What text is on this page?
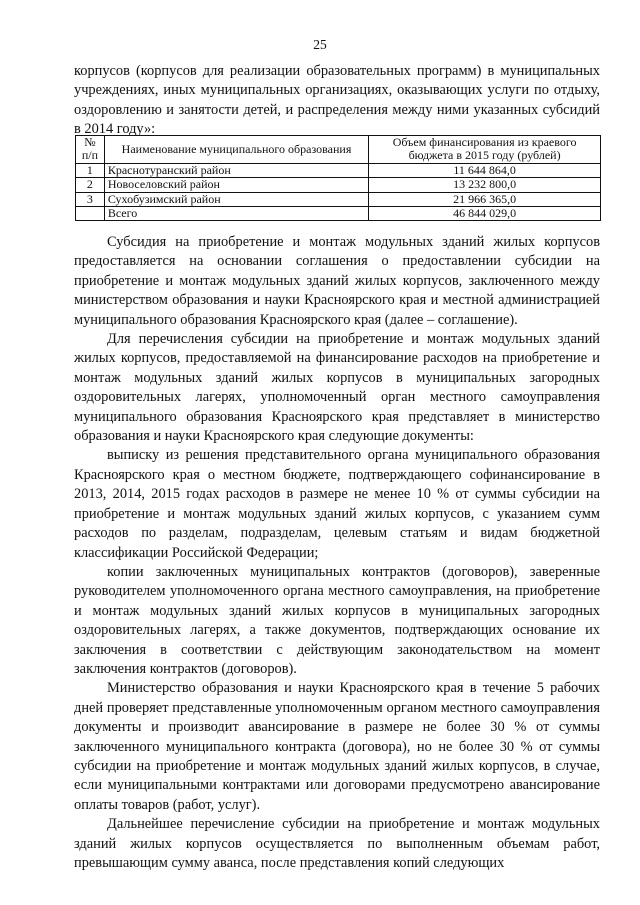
25

корпусов (корпусов для реализации образовательных программ) в муниципальных учреждениях, иных муниципальных организациях, оказывающих услуги по отдыху, оздоровлению и занятости детей, и распределения между ними указанных субсидий в 2014 году»:

№ п/п	Наименование муниципального образования	Объем финансирования из краевого бюджета в 2015 году (рублей)
1	Краснотуранский район	11 644 864,0
2	Новоселовский район	13 232 800,0
3	Сухобузимский район	21 966 365,0
	Всего	46 844 029,0

Субсидия на приобретение и монтаж модульных зданий жилых корпусов предоставляется на основании соглашения о предоставлении субсидии на приобретение и монтаж модульных зданий жилых корпусов, заключенного между министерством образования и науки Красноярского края и местной администрацией муниципального образования Красноярского края (далее – соглашение).

Для перечисления субсидии на приобретение и монтаж модульных зданий жилых корпусов, предоставляемой на финансирование расходов на приобретение и монтаж модульных зданий жилых корпусов в муниципальных загородных оздоровительных лагерях, уполномоченный орган местного самоуправления муниципального образования Красноярского края представляет в министерство образования и науки Красноярского края следующие документы:

выписку из решения представительного органа муниципального образования Красноярского края о местном бюджете, подтверждающего софинансирование в 2013, 2014, 2015 годах расходов в размере не менее 10 % от суммы субсидии на приобретение и монтаж модульных зданий жилых корпусов, с указанием сумм расходов по разделам, подразделам, целевым статьям и видам бюджетной классификации Российской Федерации;

копии заключенных муниципальных контрактов (договоров), заверенные руководителем уполномоченного органа местного самоуправления, на приобретение и монтаж модульных зданий жилых корпусов в муниципальных загородных оздоровительных лагерях, а также документов, подтверждающих основание их заключения в соответствии с действующим законодательством на момент заключения контрактов (договоров).

Министерство образования и науки Красноярского края в течение 5 рабочих дней проверяет представленные уполномоченным органом местного самоуправления документы и производит авансирование в размере не более 30 % от суммы заключенного муниципального контракта (договора), но не более 30 % от суммы субсидии на приобретение и монтаж модульных зданий жилых корпусов, в случае, если муниципальными контрактами или договорами предусмотрено авансирование оплаты товаров (работ, услуг).

Дальнейшее перечисление субсидии на приобретение и монтаж модульных зданий жилых корпусов осуществляется по выполненным объемам работ, превышающим сумму аванса, после представления копий следующих
